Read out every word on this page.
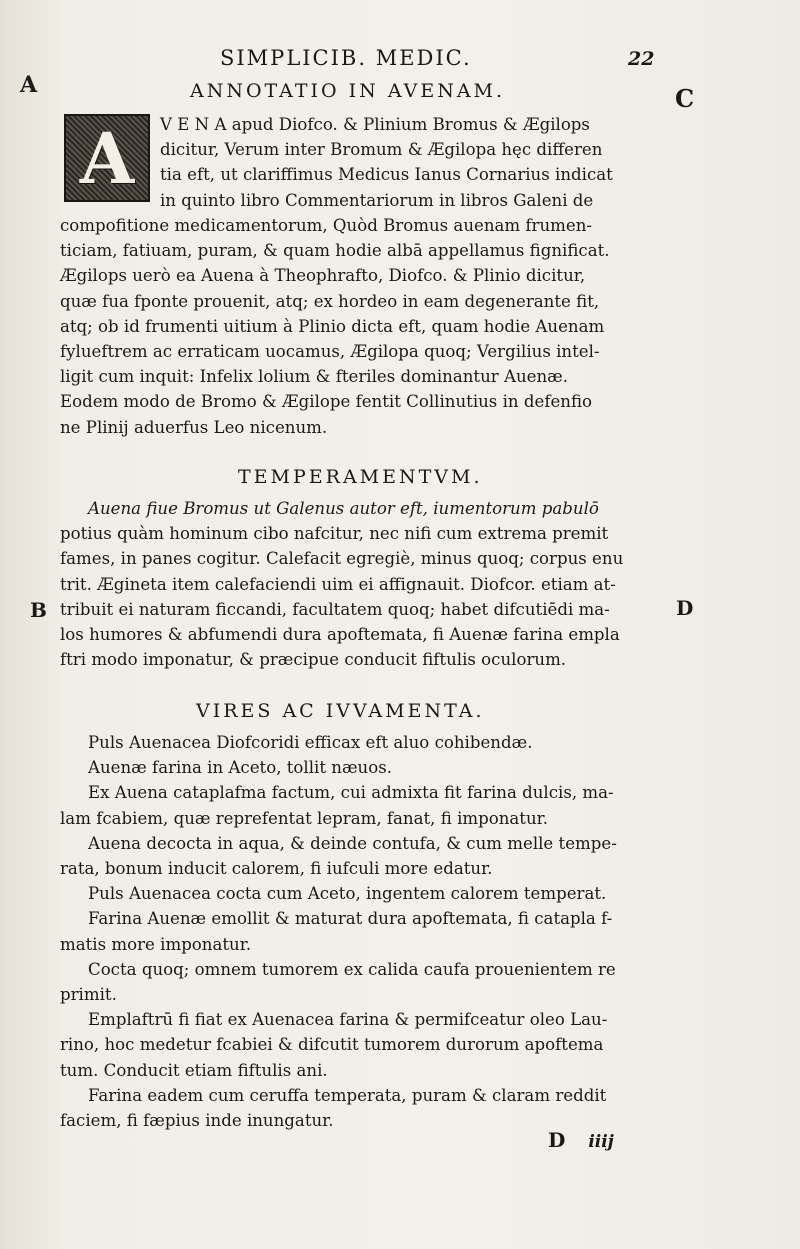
SIMPLICIB. MEDIC.	22
A	C
B	D
ANNOTATIO IN AVENAM.
A	V E N A apud Diofco. & Plinium Bromus & Ægilops
dicitur, Verum inter Bromum & Ægilopa hęc differen
tia eft, ut clariffimus Medicus Ianus Cornarius indicat
in quinto libro Commentariorum in libros Galeni de
compofitione medicamentorum, Quòd Bromus auenam frumen-
ticiam, fatiuam, puram, & quam hodie albā appellamus fignificat.
Ægilops uerò ea Auena à Theophrafto, Diofco. & Plinio dicitur,
quæ fua fponte prouenit, atq; ex hordeo in eam degenerante fit,
atq; ob id frumenti uitium à Plinio dicta eft, quam hodie Auenam
fylueftrem ac erraticam uocamus, Ægilopa quoq; Vergilius intel-
ligit cum inquit: Infelix lolium & fteriles dominantur Auenæ.
Eodem modo de Bromo & Ægilope fentit Collinutius in defenfio
ne Plinij aduerfus Leo nicenum.
TEMPERAMENTVM.
Auena fiue Bromus ut Galenus autor eft, iumentorum pabulō
potius quàm hominum cibo nafcitur, nec nifi cum extrema premit
fames, in panes cogitur. Calefacit egregiè, minus quoq; corpus enu
trit. Ægineta item calefaciendi uim ei affignauit. Diofcor. etiam at-
tribuit ei naturam ficcandi, facultatem quoq; habet difcutiēdi ma-
los humores & abfumendi dura apoftemata, fi Auenæ farina empla
ftri modo imponatur, & præcipue conducit fiftulis oculorum.
VIRES AC IVVAMENTA.
Puls Auenacea Diofcoridi efficax eft aluo cohibendæ.
Auenæ farina in Aceto, tollit næuos.
Ex Auena cataplafma factum, cui admixta fit farina dulcis, ma-
lam fcabiem, quæ reprefentat lepram, fanat, fi imponatur.
Auena decocta in aqua, & deinde contufa, & cum melle tempe-
rata, bonum inducit calorem, fi iufculi more edatur.
Puls Auenacea cocta cum Aceto, ingentem calorem temperat.
Farina Auenæ emollit & maturat dura apoftemata, fi catapla f-
matis more imponatur.
Cocta quoq; omnem tumorem ex calida caufa prouenientem re
primit.
Emplaftrū fi fiat ex Auenacea farina & permifceatur oleo Lau-
rino, hoc medetur fcabiei & difcutit tumorem durorum apoftema
tum. Conducit etiam fiftulis ani.
Farina eadem cum ceruffa temperata, puram & claram reddit
faciem, fi fæpius inde inungatur.
D iiij
